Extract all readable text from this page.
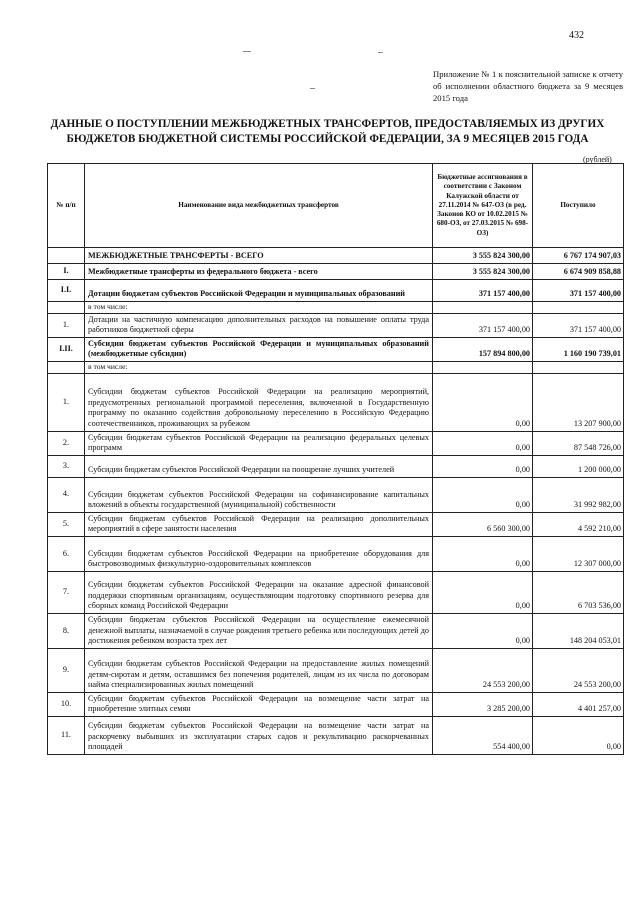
432
Приложение № 1 к пояснительной записке к отчету об исполнении областного бюджета за 9 месяцев 2015 года
ДАННЫЕ О ПОСТУПЛЕНИИ МЕЖБЮДЖЕТНЫХ ТРАНСФЕРТОВ, ПРЕДОСТАВЛЯЕМЫХ ИЗ ДРУГИХ
БЮДЖЕТОВ БЮДЖЕТНОЙ СИСТЕМЫ РОССИЙСКОЙ ФЕДЕРАЦИИ, ЗА 9 МЕСЯЦЕВ 2015 ГОДА
(рублей)
№ п/п	Наименование вида межбюджетных трансфертов	Бюджетные ассигнования в соответствии с Законом Калужской области от 27.11.2014 № 647-ОЗ (в ред. Законов КО от 10.02.2015 № 680-ОЗ, от 27.03.2015 № 698-ОЗ)	Поступило
	МЕЖБЮДЖЕТНЫЕ ТРАНСФЕРТЫ - ВСЕГО	3 555 824 300,00	6 767 174 907,03
I.	Межбюджетные трансферты из федерального бюджета - всего	3 555 824 300,00	6 674 909 858,88
I.I.	Дотации бюджетам субъектов Российской Федерации и муниципальных образований	371 157 400,00	371 157 400,00
	в том числе:		
1.	Дотации на частичную компенсацию дополнительных расходов на повышение оплаты труда работников бюджетной сферы	371 157 400,00	371 157 400,00
I.II.	Субсидии бюджетам субъектов Российской Федерации и муниципальных образований (межбюджетные субсидии)	157 894 800,00	1 160 190 739,01
	в том числе:		
1.	Субсидии бюджетам субъектов Российской Федерации на реализацию мероприятий, предусмотренных региональной программой переселения, включенной в Государственную программу по оказанию содействия добровольному переселению в Российскую Федерацию соотечественников, проживающих за рубежом	0,00	13 207 900,00
2.	Субсидии бюджетам субъектов Российской Федерации на реализацию федеральных целевых программ	0,00	87 548 726,00
3.	Субсидии бюджетам субъектов Российской Федерации на поощрение лучших учителей	0,00	1 200 000,00
4.	Субсидии бюджетам субъектов Российской Федерации на софинансирование капитальных вложений в объекты государственной (муниципальной) собственности	0,00	31 992 982,00
5.	Субсидии бюджетам субъектов Российской Федерации на реализацию дополнительных мероприятий в сфере занятости населения	6 560 300,00	4 592 210,00
6.	Субсидии бюджетам субъектов Российской Федерации на приобретение оборудования для быстровозводимых физкультурно-оздоровительных комплексов	0,00	12 307 000,00
7.	Субсидии бюджетам субъектов Российской Федерации на оказание адресной финансовой поддержки спортивным организациям, осуществляющим подготовку спортивного резерва для сборных команд Российской Федерации	0,00	6 703 536,00
8.	Субсидии бюджетам субъектов Российской Федерации на осуществление ежемесячной денежной выплаты, назначаемой в случае рождения третьего ребенка или последующих детей до достижения ребенком возраста трех лет	0,00	148 204 053,01
9.	Субсидии бюджетам субъектов Российской Федерации на предоставление жилых помещений детям-сиротам и детям, оставшимся без попечения родителей, лицам из их числа по договорам найма специализированных жилых помещений	24 553 200,00	24 553 200,00
10.	Субсидии бюджетам субъектов Российской Федерации на возмещение части затрат на приобретение элитных семян	3 285 200,00	4 401 257,00
11.	Субсидии бюджетам субъектов Российской Федерации на возмещение части затрат на раскорчевку выбывших из эксплуатации старых садов и рекультивацию раскорчеванных площадей	554 400,00	0,00
